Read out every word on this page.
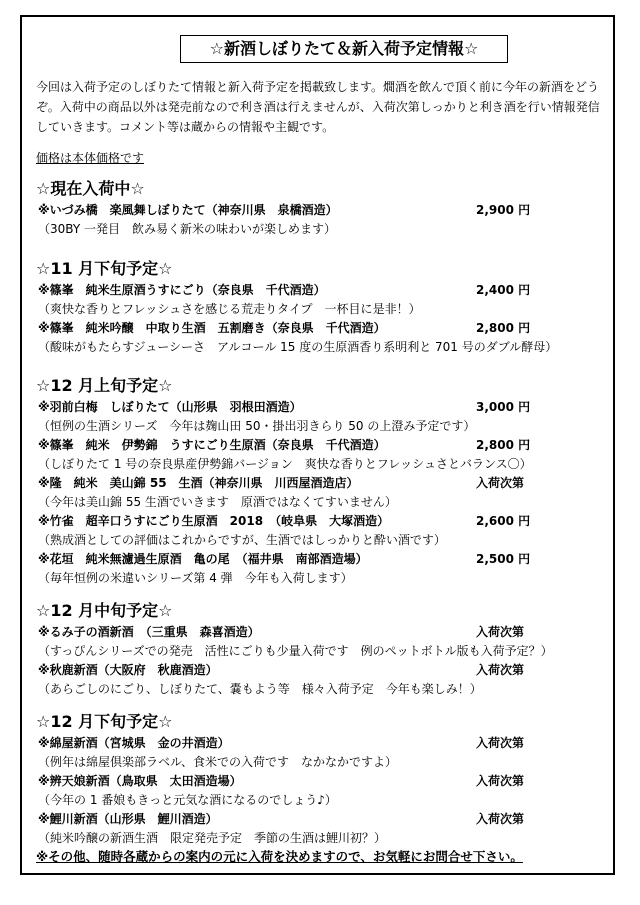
☆新酒しぼりたて＆新入荷予定情報☆
今回は入荷予定のしぼりたて情報と新入荷予定を掲載致します。燗酒を飲んで頂く前に今年の新酒をどうぞ。入荷中の商品以外は発売前なので利き酒は行えませんが、入荷次第しっかりと利き酒を行い情報発信していきます。コメント等は蔵からの情報や主観です。
価格は本体価格です
☆現在入荷中☆
※いづみ橋　楽風舞しぼりたて（神奈川県　泉橋酒造）	2,900 円
（30BY 一発目　飲み易く新米の味わいが楽しめます）
☆11 月下旬予定☆
※篠峯　純米生原酒うすにごり（奈良県　千代酒造）	2,400 円
（爽快な香りとフレッシュさを感じる荒走りタイプ　一杯目に是非！）
※篠峯　純米吟醸　中取り生酒　五割磨き（奈良県　千代酒造）	2,800 円
（酸味がもたらすジューシーさ　アルコール 15 度の生原酒香り系明利と 701 号のダブル酵母）
☆12 月上旬予定☆
※羽前白梅　しぼりたて（山形県　羽根田酒造）	3,000 円
（恒例の生酒シリーズ　今年は麹山田 50・掛出羽きらり 50 の上澄み予定です）
※篠峯　純米　伊勢錦　うすにごり生原酒（奈良県　千代酒造）	2,800 円
（しぼりたて 1 号の奈良県産伊勢錦バージョン　爽快な香りとフレッシュさとバランス〇）
※隆　純米　美山錦 55　生酒（神奈川県　川西屋酒造店）	入荷次第
（今年は美山錦 55 生酒でいきます　原酒ではなくてすいません）
※竹雀　超辛口うすにごり生原酒　2018　（岐阜県　大塚酒造）	2,600 円
（熟成酒としての評価はこれからですが、生酒ではしっかりと酔い酒です）
※花垣　純米無濾過生原酒　亀の尾　（福井県　南部酒造場）	2,500 円
（毎年恒例の米違いシリーズ第 4 弾　今年も入荷します）
☆12 月中旬予定☆
※るみ子の酒新酒　（三重県　森喜酒造）	入荷次第
（すっぴんシリーズでの発売　活性にごりも少量入荷です　例のペットボトル版も入荷予定？）
※秋鹿新酒（大阪府　秋鹿酒造）	入荷次第
（あらごしのにごり、しぼりたて、嚢もよう等　様々入荷予定　今年も楽しみ！）
☆12 月下旬予定☆
※綿屋新酒（宮城県　金の井酒造）	入荷次第
（例年は綿屋倶楽部ラベル、食米での入荷です　なかなかですよ）
※辨天娘新酒（鳥取県　太田酒造場）	入荷次第
（今年の 1 番娘もきっと元気な酒になるのでしょう♪）
※鯉川新酒（山形県　鯉川酒造）	入荷次第
（純米吟醸の新酒生酒　限定発売予定　季節の生酒は鯉川初？）
※その他、随時各蔵からの案内の元に入荷を決めますので、お気軽にお問合せ下さい。
